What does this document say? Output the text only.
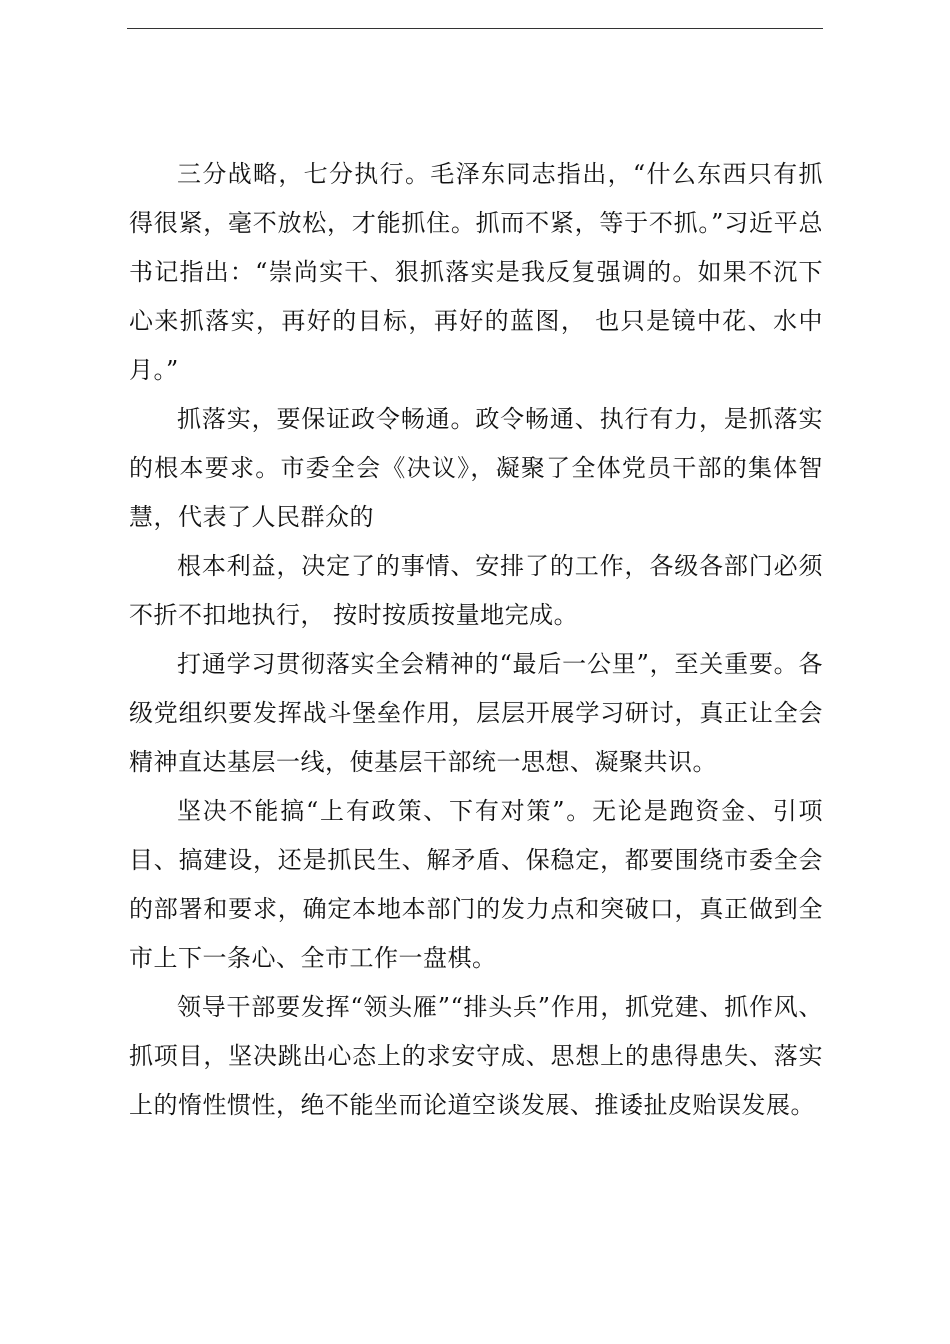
三分战略，七分执行。毛泽东同志指出，“什么东西只有抓得很紧，毫不放松，才能抓住。抓而不紧，等于不抓。”习近平总书记指出：“崇尚实干、狠抓落实是我反复强调的。如果不沉下心来抓落实，再好的目标，再好的蓝图， 也只是镜中花、水中月。”

抓落实，要保证政令畅通。政令畅通、执行有力，是抓落实的根本要求。市委全会《决议》，凝聚了全体党员干部的集体智慧，代表了人民群众的

根本利益，决定了的事情、安排了的工作，各级各部门必须不折不扣地执行， 按时按质按量地完成。

打通学习贯彻落实全会精神的“最后一公里”，至关重要。各级党组织要发挥战斗堡垒作用，层层开展学习研讨，真正让全会精神直达基层一线，使基层干部统一思想、凝聚共识。

坚决不能搞“上有政策、下有对策”。无论是跑资金、引项目、搞建设，还是抓民生、解矛盾、保稳定，都要围绕市委全会的部署和要求，确定本地本部门的发力点和突破口，真正做到全市上下一条心、全市工作一盘棋。

领导干部要发挥“领头雁”“排头兵”作用，抓党建、抓作风、抓项目，坚决跳出心态上的求安守成、思想上的患得患失、落实上的惰性惯性，绝不能坐而论道空谈发展、推诿扯皮贻误发展。
